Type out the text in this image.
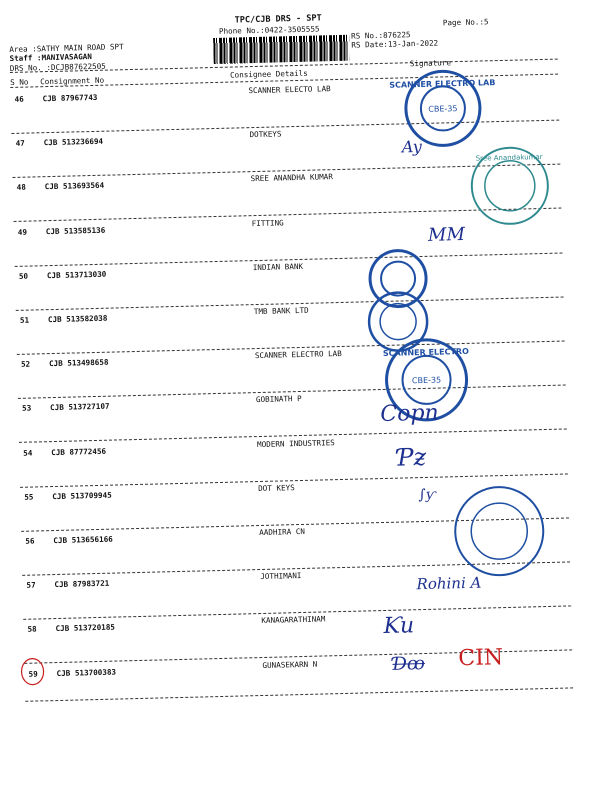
TPC/CJB DRS - SPT
Phone No.:0422-3505555
Page No.:5
Area :SATHY MAIN ROAD SPT
Staff :MANIVASAGAN
DRS No. :DCJB87622505
RS No.:876225
RS Date:13-Jan-2022
S No Consignment No
Consignee Details
Signature
46 CJB 87967743
SCANNER ELECTO LAB
47 CJB 513236694
DOTKEYS
48 CJB 513693564
SREE ANANDHA KUMAR
49 CJB 513585136
FITTING
50 CJB 513713030
INDIAN BANK
51 CJB 513582038
TMB BANK LTD
52 CJB 513498658
SCANNER ELECTRO LAB
53 CJB 513727107
GOBINATH P
54 CJB 87772456
MODERN INDUSTRIES
55 CJB 513709945
DOT KEYS
56 CJB 513656166
AADHIRA CN
57 CJB 87983721
JOTHIMANI
58 CJB 513720185
KANAGARATHINAM
59 CJB 513700383
GUNASEKARN N
SCANNER ELECTRO LAB
CBE-35
Sree Anandakumar
SCANNER ELECTRO
CBE-35
Ay
MM
Copn
Ƥƶ
∫ƴ
Rohini A
Ƙu
Ɗꝏ CIN
